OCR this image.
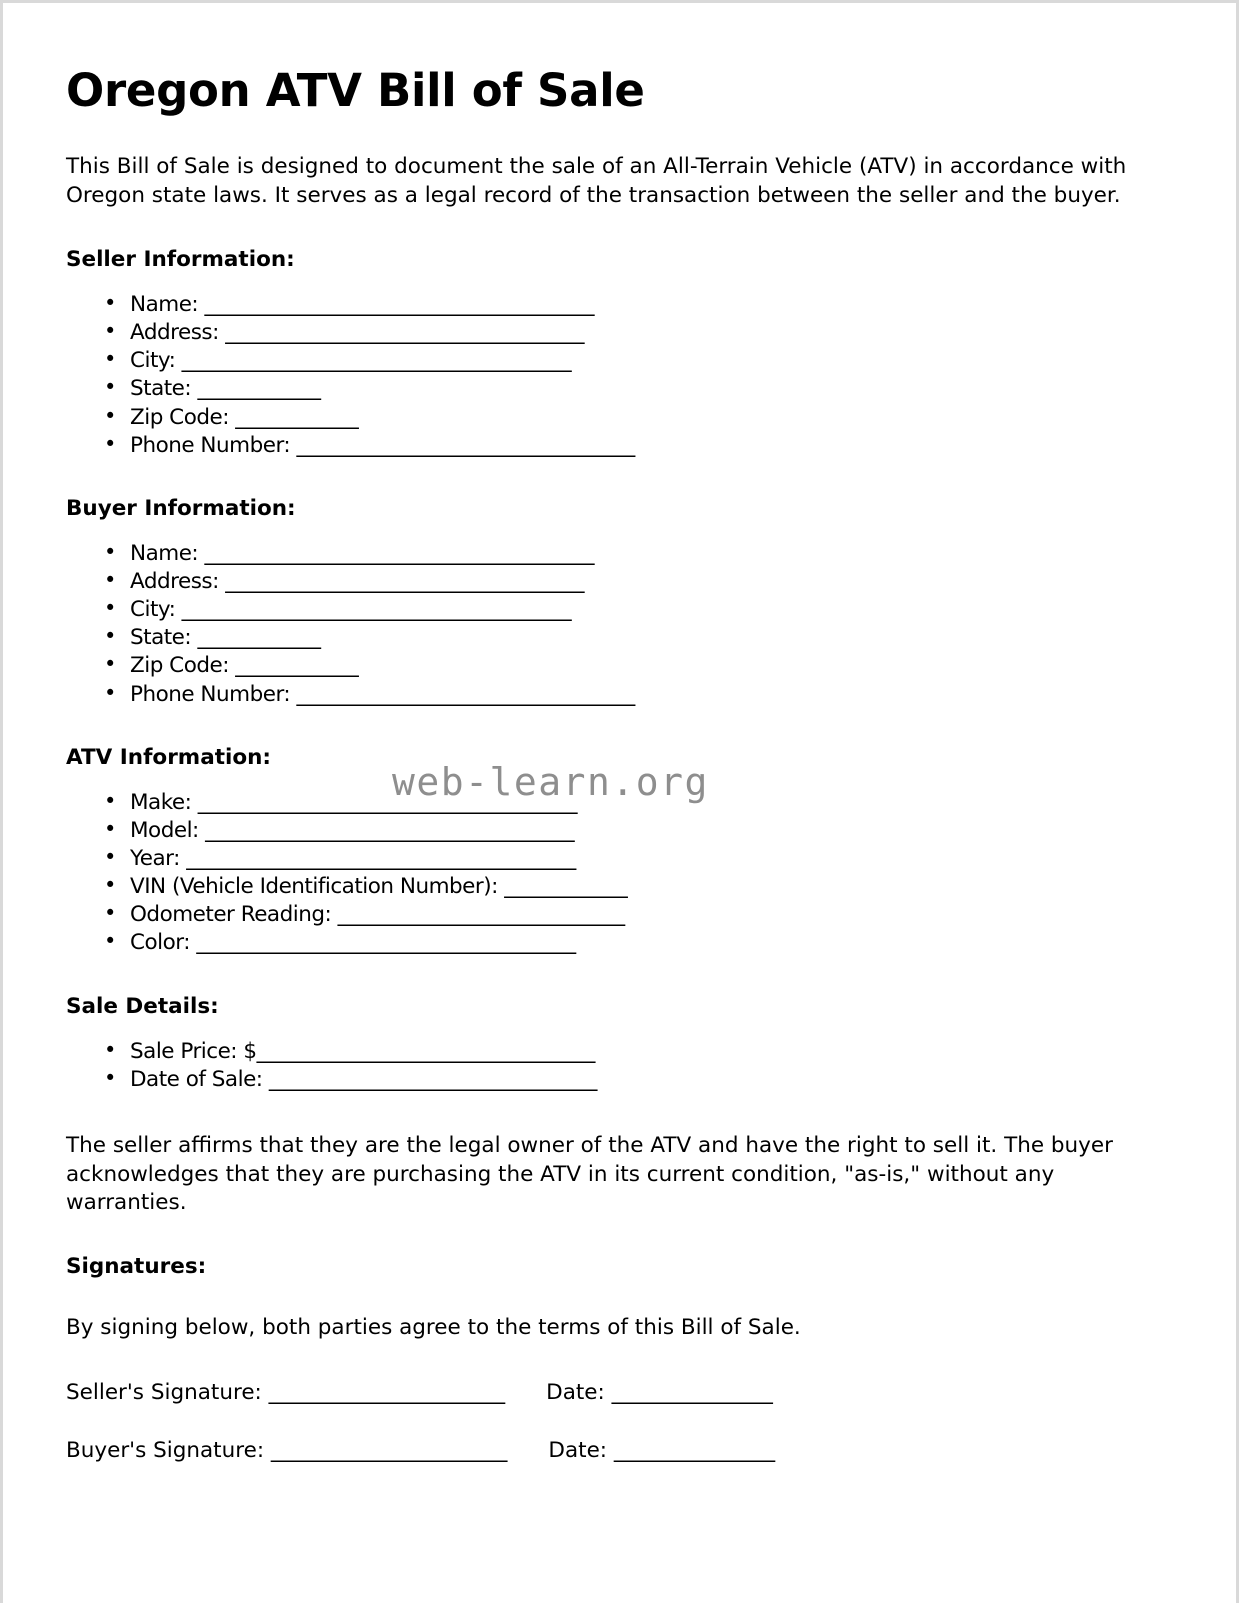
Oregon ATV Bill of Sale

This Bill of Sale is designed to document the sale of an All-Terrain Vehicle (ATV) in accordance with Oregon state laws. It serves as a legal record of the transaction between the seller and the buyer.

Seller Information:
• Name: ______________________________________
• Address: ___________________________________
• City: ______________________________________
• State: ____________
• Zip Code: ____________
• Phone Number: _________________________________
Buyer Information:
• Name: ______________________________________
• Address: ___________________________________
• City: ______________________________________
• State: ____________
• Zip Code: ____________
• Phone Number: _________________________________
ATV Information:
• Make: _____________________________________
• Model: ____________________________________
• Year: ______________________________________
• VIN (Vehicle Identification Number): ____________
• Odometer Reading: ____________________________
• Color: _____________________________________
Sale Details:
• Sale Price: $_________________________________
• Date of Sale: ________________________________

The seller affirms that they are the legal owner of the ATV and have the right to sell it. The buyer acknowledges that they are purchasing the ATV in its current condition, "as-is," without any warranties.

Signatures:

By signing below, both parties agree to the terms of this Bill of Sale.

Seller's Signature: ______________________      Date: _______________

Buyer's Signature: ______________________      Date: _______________

web-learn.org
